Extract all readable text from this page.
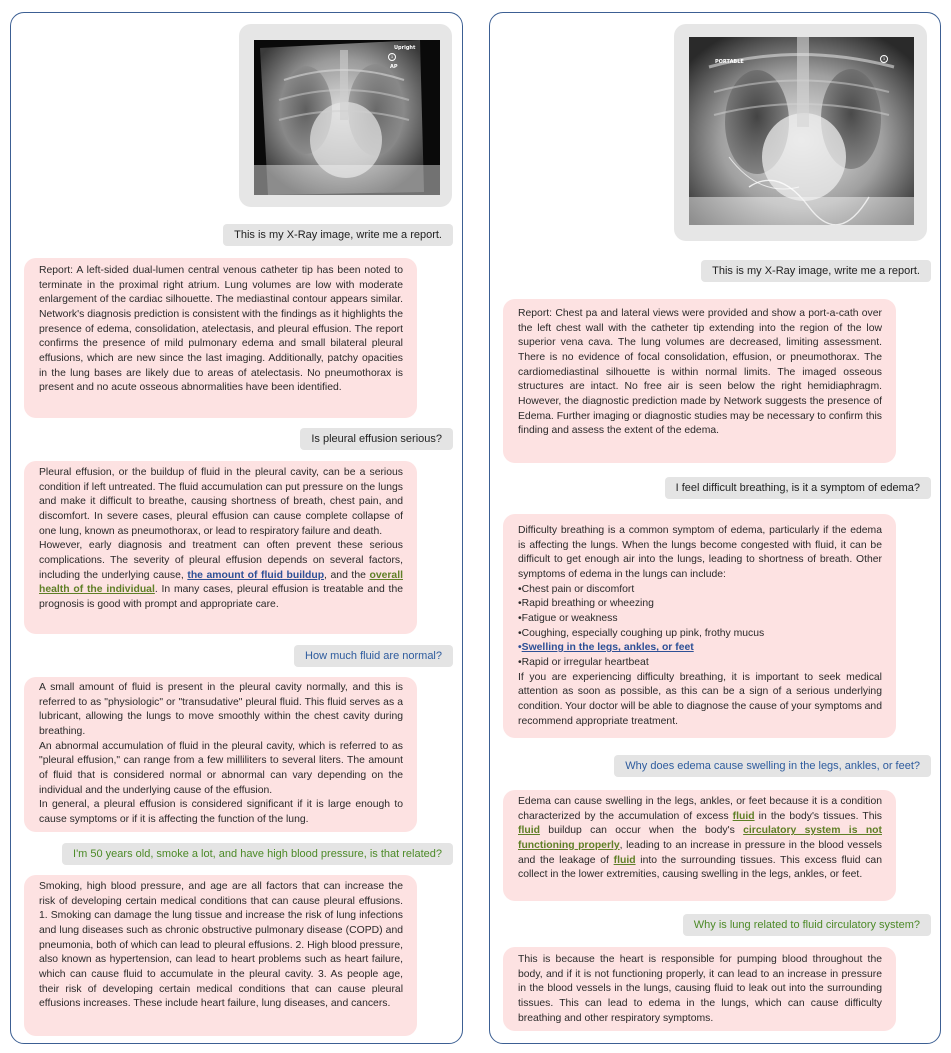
Upright
i
AP
This is my X-Ray image, write me a report.

Report: A left-sided dual-lumen central venous catheter tip has been noted to terminate in the proximal right atrium. Lung volumes are low with moderate enlargement of the cardiac silhouette. The mediastinal contour appears similar. Network's diagnosis prediction is consistent with the findings as it highlights the presence of edema, consolidation, atelectasis, and pleural effusion. The report confirms the presence of mild pulmonary edema and small bilateral pleural effusions, which are new since the last imaging. Additionally, patchy opacities in the lung bases are likely due to areas of atelectasis. No pneumothorax is present and no acute osseous abnormalities have been identified.

Is pleural effusion serious?

Pleural effusion, or the buildup of fluid in the pleural cavity, can be a serious condition if left untreated. The fluid accumulation can put pressure on the lungs and make it difficult to breathe, causing shortness of breath, chest pain, and discomfort. In severe cases, pleural effusion can cause complete collapse of one lung, known as pneumothorax, or lead to respiratory failure and death.

However, early diagnosis and treatment can often prevent these serious complications. The severity of pleural effusion depends on several factors, including the underlying cause, the amount of fluid buildup, and the overall health of the individual. In many cases, pleural effusion is treatable and the prognosis is good with prompt and appropriate care.

How much fluid are normal?

A small amount of fluid is present in the pleural cavity normally, and this is referred to as "physiologic" or "transudative" pleural fluid. This fluid serves as a lubricant, allowing the lungs to move smoothly within the chest cavity during breathing.

An abnormal accumulation of fluid in the pleural cavity, which is referred to as "pleural effusion," can range from a few milliliters to several liters. The amount of fluid that is considered normal or abnormal can vary depending on the individual and the underlying cause of the effusion.

In general, a pleural effusion is considered significant if it is large enough to cause symptoms or if it is affecting the function of the lung.

I'm 50 years old, smoke a lot, and have high blood pressure, is that related?

Smoking, high blood pressure, and age are all factors that can increase the risk of developing certain medical conditions that can cause pleural effusions. 1. Smoking can damage the lung tissue and increase the risk of lung infections and lung diseases such as chronic obstructive pulmonary disease (COPD) and pneumonia, both of which can lead to pleural effusions. 2. High blood pressure, also known as hypertension, can lead to heart problems such as heart failure, which can cause fluid to accumulate in the pleural cavity. 3. As people age, their risk of developing certain medical conditions that can cause pleural effusions increases. These include heart failure, lung diseases, and cancers.

PORTABLE	i
This is my X-Ray image, write me a report.

Report: Chest pa and lateral views were provided and show a port-a-cath over the left chest wall with the catheter tip extending into the region of the low superior vena cava. The lung volumes are decreased, limiting assessment. There is no evidence of focal consolidation, effusion, or pneumothorax. The cardiomediastinal silhouette is within normal limits. The imaged osseous structures are intact. No free air is seen below the right hemidiaphragm. However, the diagnostic prediction made by Network suggests the presence of Edema. Further imaging or diagnostic studies may be necessary to confirm this finding and assess the extent of the edema.

I feel difficult breathing, is it a symptom of edema?

Difficulty breathing is a common symptom of edema, particularly if the edema is affecting the lungs. When the lungs become congested with fluid, it can be difficult to get enough air into the lungs, leading to shortness of breath. Other symptoms of edema in the lungs can include:

•Chest pain or discomfort
•Rapid breathing or wheezing
•Fatigue or weakness
•Coughing, especially coughing up pink, frothy mucus
•Swelling in the legs, ankles, or feet
•Rapid or irregular heartbeat

If you are experiencing difficulty breathing, it is important to seek medical attention as soon as possible, as this can be a sign of a serious underlying condition. Your doctor will be able to diagnose the cause of your symptoms and recommend appropriate treatment.

Why does edema cause swelling in the legs, ankles, or feet?

Edema can cause swelling in the legs, ankles, or feet because it is a condition characterized by the accumulation of excess fluid in the body's tissues. This fluid buildup can occur when the body's circulatory system is not functioning properly, leading to an increase in pressure in the blood vessels and the leakage of fluid into the surrounding tissues. This excess fluid can collect in the lower extremities, causing swelling in the legs, ankles, or feet.

Why is lung related to fluid circulatory system?

This is because the heart is responsible for pumping blood throughout the body, and if it is not functioning properly, it can lead to an increase in pressure in the blood vessels in the lungs, causing fluid to leak out into the surrounding tissues. This can lead to edema in the lungs, which can cause difficulty breathing and other respiratory symptoms.
